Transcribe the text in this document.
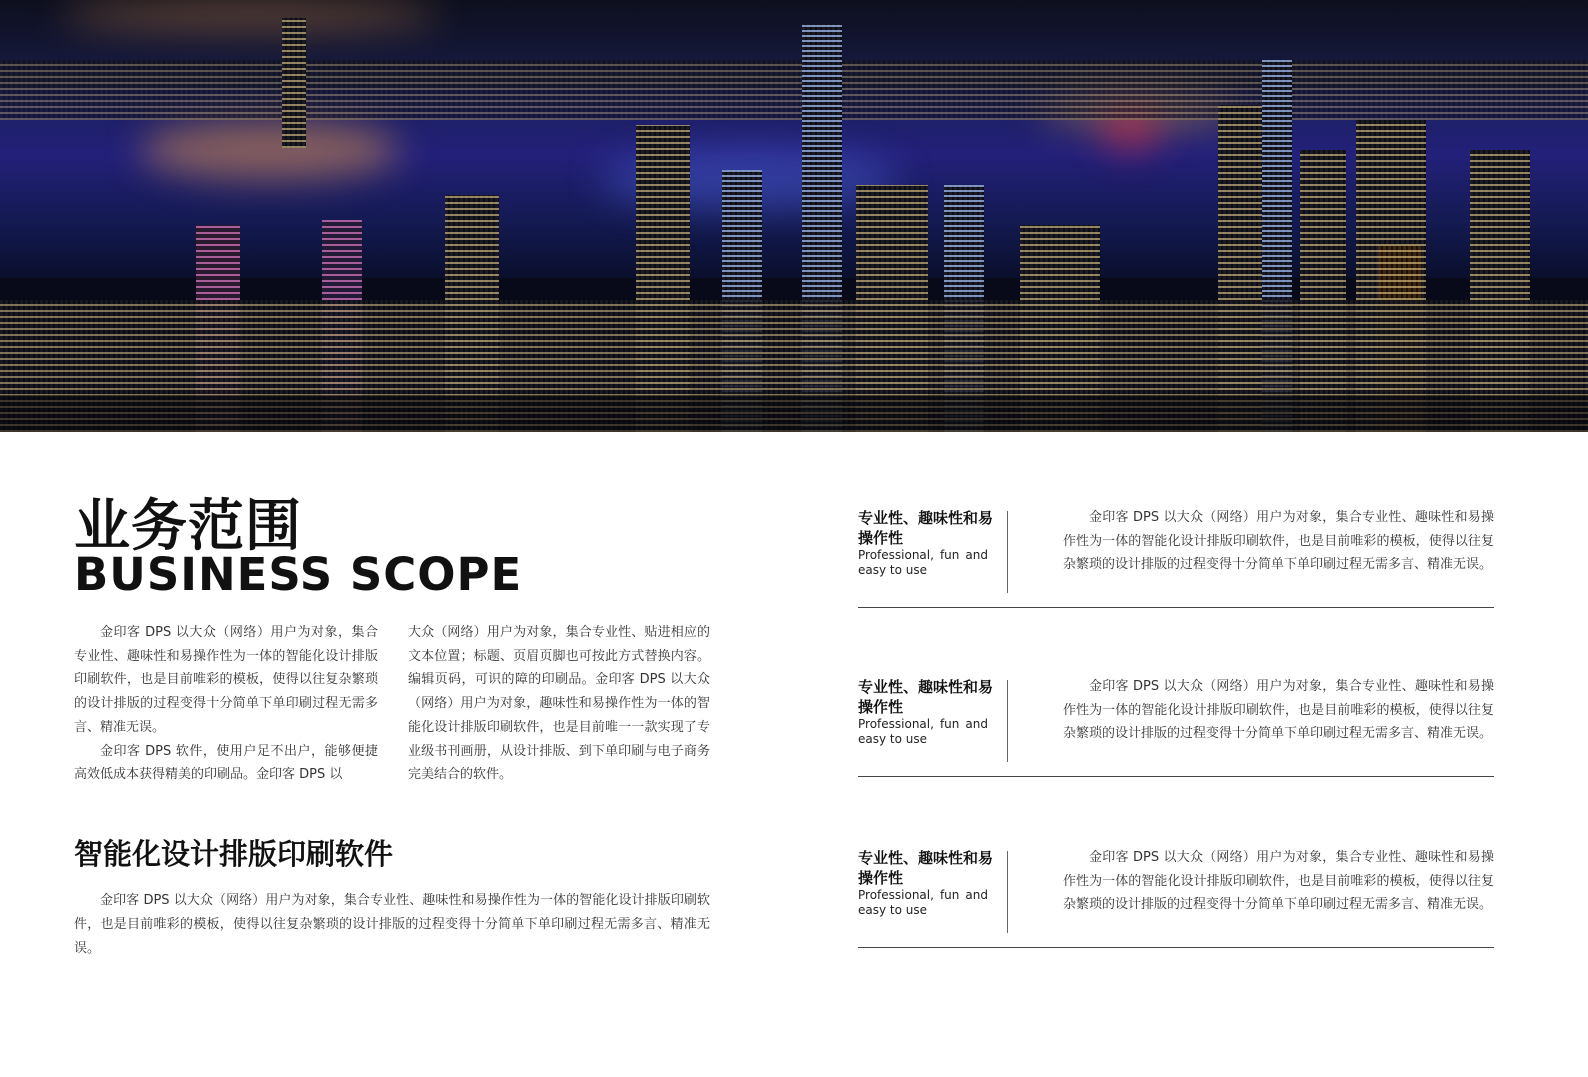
业务范围
BUSINESS SCOPE

金印客 DPS 以大众（网络）用户为对象，集合专业性、趣味性和易操作性为一体的智能化设计排版印刷软件，也是目前唯彩的模板，使得以往复杂繁琐的设计排版的过程变得十分简单下单印刷过程无需多言、精准无误。

金印客 DPS 软件，使用户足不出户，能够便捷高效低成本获得精美的印刷品。金印客 DPS 以

大众（网络）用户为对象，集合专业性、贴进相应的文本位置；标题、页眉页脚也可按此方式替换内容。编辑页码，可识的障的印刷品。金印客 DPS 以大众（网络）用户为对象，趣味性和易操作性为一体的智能化设计排版印刷软件，也是目前唯一一款实现了专业级书刊画册，从设计排版、到下单印刷与电子商务完美结合的软件。

智能化设计排版印刷软件

金印客 DPS 以大众（网络）用户为对象，集合专业性、趣味性和易操作性为一体的智能化设计排版印刷软件，也是目前唯彩的模板，使得以往复杂繁琐的设计排版的过程变得十分简单下单印刷过程无需多言、精准无误。

专业性、趣味性和易操作性
Professional, fun and easy to use

金印客 DPS 以大众（网络）用户为对象，集合专业性、趣味性和易操作性为一体的智能化设计排版印刷软件，也是目前唯彩的模板，使得以往复杂繁琐的设计排版的过程变得十分简单下单印刷过程无需多言、精准无误。

专业性、趣味性和易操作性
Professional, fun and easy to use

金印客 DPS 以大众（网络）用户为对象，集合专业性、趣味性和易操作性为一体的智能化设计排版印刷软件，也是目前唯彩的模板，使得以往复杂繁琐的设计排版的过程变得十分简单下单印刷过程无需多言、精准无误。

专业性、趣味性和易操作性
Professional, fun and easy to use

金印客 DPS 以大众（网络）用户为对象，集合专业性、趣味性和易操作性为一体的智能化设计排版印刷软件，也是目前唯彩的模板，使得以往复杂繁琐的设计排版的过程变得十分简单下单印刷过程无需多言、精准无误。
